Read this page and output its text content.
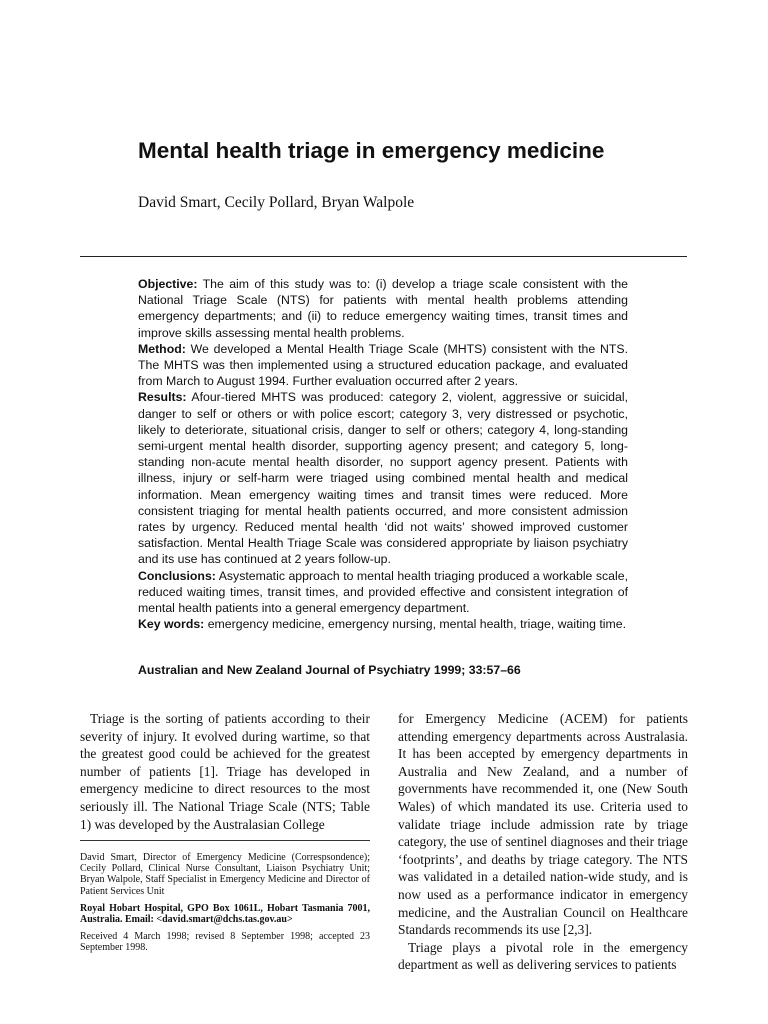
Mental health triage in emergency medicine
David Smart, Cecily Pollard, Bryan Walpole

Objective: The aim of this study was to: (i) develop a triage scale consistent with the National Triage Scale (NTS) for patients with mental health problems attending emergency departments; and (ii) to reduce emergency waiting times, transit times and improve skills assessing mental health problems.

Method: We developed a Mental Health Triage Scale (MHTS) consistent with the NTS. The MHTS was then implemented using a structured education package, and evaluated from March to August 1994. Further evaluation occurred after 2 years.

Results: Afour-tiered MHTS was produced: category 2, violent, aggressive or suicidal, danger to self or others or with police escort; category 3, very distressed or psychotic, likely to deteriorate, situational crisis, danger to self or others; category 4, long-standing semi-urgent mental health disorder, supporting agency present; and category 5, long-standing non-acute mental health disorder, no support agency present. Patients with illness, injury or self-harm were triaged using combined mental health and medical information. Mean emergency waiting times and transit times were reduced. More consistent triaging for mental health patients occurred, and more consistent admission rates by urgency. Reduced mental health ‘did not waits’ showed improved customer satisfaction. Mental Health Triage Scale was considered appropriate by liaison psychiatry and its use has continued at 2 years follow-up.

Conclusions: Asystematic approach to mental health triaging produced a workable scale, reduced waiting times, transit times, and provided effective and consistent integration of mental health patients into a general emergency department.

Key words: emergency medicine, emergency nursing, mental health, triage, waiting time.

Australian and New Zealand Journal of Psychiatry 1999; 33:57–66

Triage is the sorting of patients according to their severity of injury. It evolved during wartime, so that the greatest good could be achieved for the greatest number of patients [1]. Triage has developed in emergency medicine to direct resources to the most seriously ill. The National Triage Scale (NTS; Table 1) was developed by the Australasian College

David Smart, Director of Emergency Medicine (Correspsondence); Cecily Pollard, Clinical Nurse Consultant, Liaison Psychiatry Unit; Bryan Walpole, Staff Specialist in Emergency Medicine and Director of Patient Services Unit

Royal Hobart Hospital, GPO Box 1061L, Hobart Tasmania 7001, Australia. Email: <david.smart@dchs.tas.gov.au>

Received 4 March 1998; revised 8 September 1998; accepted 23 September 1998.

for Emergency Medicine (ACEM) for patients attending emergency departments across Australasia. It has been accepted by emergency departments in Australia and New Zealand, and a number of governments have recommended it, one (New South Wales) of which mandated its use. Criteria used to validate triage include admission rate by triage category, the use of sentinel diagnoses and their triage ‘footprints’, and deaths by triage category. The NTS was validated in a detailed nation-wide study, and is now used as a performance indicator in emergency medicine, and the Australian Council on Healthcare Standards recommends its use [2,3].

Triage plays a pivotal role in the emergency department as well as delivering services to patients
